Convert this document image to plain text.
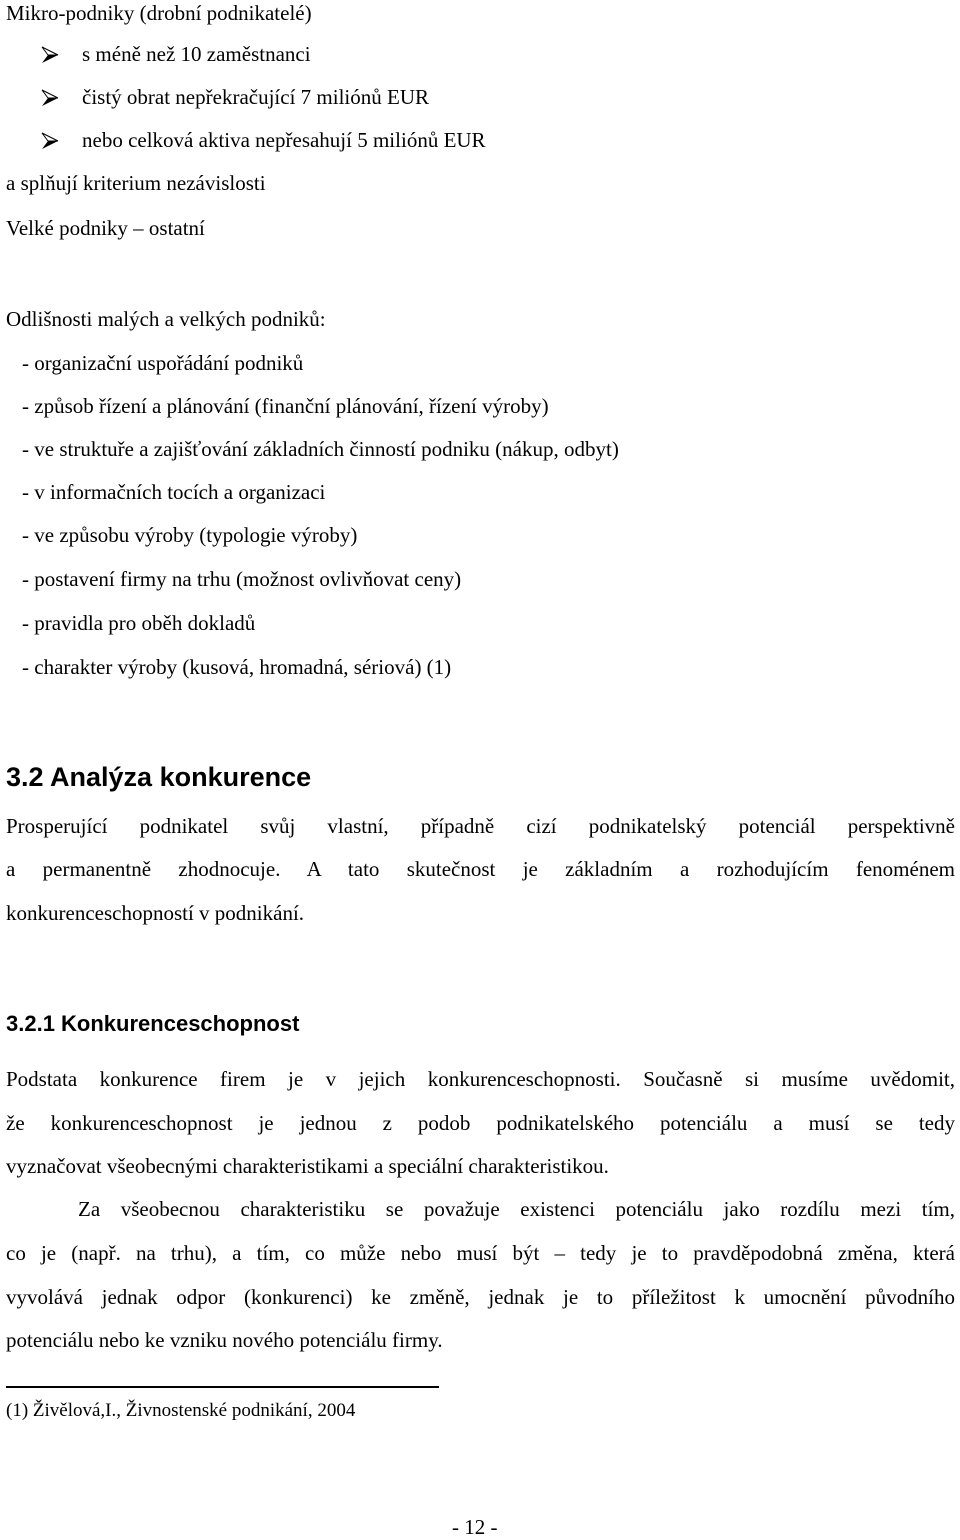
Mikro-podniky (drobní podnikatelé)
s méně než 10 zaměstnanci
čistý obrat nepřekračující 7 miliónů EUR
nebo celková aktiva nepřesahují 5 miliónů EUR
a splňují kriterium nezávislosti
Velké podniky – ostatní
Odlišnosti malých a velkých podniků:
- organizační uspořádání podniků
- způsob řízení a plánování (finanční plánování, řízení výroby)
- ve struktuře a zajišťování základních činností podniku (nákup, odbyt)
- v informačních tocích a organizaci
- ve způsobu výroby (typologie výroby)
- postavení firmy na trhu (možnost ovlivňovat ceny)
- pravidla pro oběh dokladů
- charakter výroby (kusová, hromadná, sériová) (1)
3.2 Analýza konkurence
Prosperující podnikatel svůj vlastní, případně cizí podnikatelský potenciál perspektivně
a permanentně zhodnocuje. A tato skutečnost je základním a rozhodujícím fenoménem
konkurenceschopností v podnikání.
3.2.1 Konkurenceschopnost
Podstata konkurence firem je v jejich konkurenceschopnosti. Současně si musíme uvědomit,
že konkurenceschopnost je jednou z podob podnikatelského potenciálu a musí se tedy
vyznačovat všeobecnými charakteristikami a speciální charakteristikou.
Za všeobecnou charakteristiku se považuje existenci potenciálu jako rozdílu mezi tím,
co je (např. na trhu), a tím, co může nebo musí být – tedy je to pravděpodobná změna, která
vyvolává jednak odpor (konkurenci) ke změně, jednak je to příležitost k umocnění původního
potenciálu nebo ke vzniku nového potenciálu firmy.
(1) Živělová,I., Živnostenské podnikání, 2004
- 12 -
